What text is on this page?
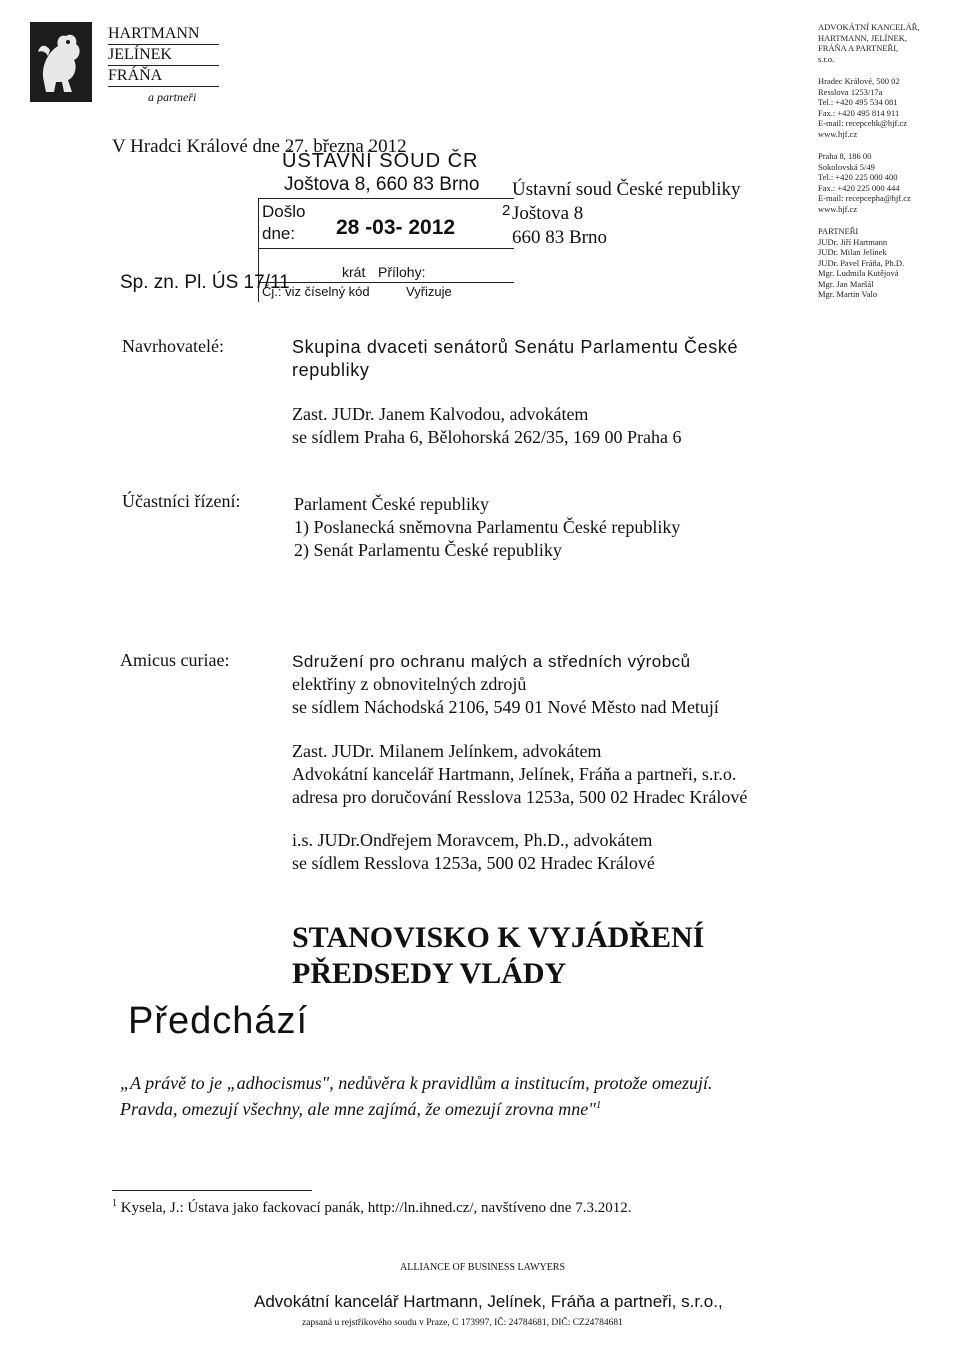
HARTMANN
JELÍNEK
FRÁŇA
a partneři
ADVOKÁTNÍ KANCELÁŘ,
HARTMANN, JELÍNEK,
FRÁŇA A PARTNEŘI,
s.r.o.
Hradec Králové, 500 02
Resslova 1253/17a
Tel.: +420 495 534 081
Fax.: +420 495 814 911
E-mail: recepcehk@hjf.cz
www.hjf.cz
Praha 8, 186 00
Sokolovská 5/49
Tel.: +420 225 000 400
Fax.: +420 225 000 444
E-mail: recepcepha@hjf.cz
www.hjf.cz
PARTNEŘI
JUDr. Jiří Hartmann
JUDr. Milan Jelínek
JUDr. Pavel Fráňa, Ph.D.
Mgr. Ludmila Kutějová
Mgr. Jan Maršál
Mgr. Martin Valo
V Hradci Králové dne 27. března 2012
ÚSTAVNÍ SOUD ČR
Joštova 8, 660 83 Brno
Došlo
dne: 28 -03- 2012
2
krát Přílohy:
Čj.: viz číselný kód	Vyřizuje
Ústavní soud České republiky
Joštova 8
660 83 Brno
Sp. zn. Pl. ÚS 17/11
Navrhovatelé:	Skupina dvaceti senátorů Senátu Parlamentu České
republiky
Zast. JUDr. Janem Kalvodou, advokátem
se sídlem Praha 6, Bělohorská 262/35, 169 00 Praha 6
Účastníci řízení:	Parlament České republiky
1) Poslanecká sněmovna Parlamentu České republiky
2) Senát Parlamentu České republiky
Amicus curiae:	Sdružení pro ochranu malých a středních výrobců
elektřiny z obnovitelných zdrojů
se sídlem Náchodská 2106, 549 01 Nové Město nad Metují
Zast. JUDr. Milanem Jelínkem, advokátem
Advokátní kancelář Hartmann, Jelínek, Fráňa a partneři, s.r.o.
adresa pro doručování Resslova 1253a, 500 02 Hradec Králové
i.s. JUDr.Ondřejem Moravcem, Ph.D., advokátem
se sídlem Resslova 1253a, 500 02 Hradec Králové
STANOVISKO K VYJÁDŘENÍ
PŘEDSEDY VLÁDY
Předchází
„A právě to je „adhocismus", nedůvěra k pravidlům a institucím, protože omezují.
Pravda, omezují všechny, ale mne zajímá, že omezují zrovna mne"$^1$
$^1$ Kysela, J.: Ústava jako fackovací panák, http://ln.ihned.cz/, navštíveno dne 7.3.2012.
ALLIANCE OF BUSINESS LAWYERS
Advokátní kancelář Hartmann, Jelínek, Fráňa a partneři, s.r.o.,
zapsaná u rejstříkového soudu v Praze, C 173997, IČ: 24784681, DIČ: CZ24784681
